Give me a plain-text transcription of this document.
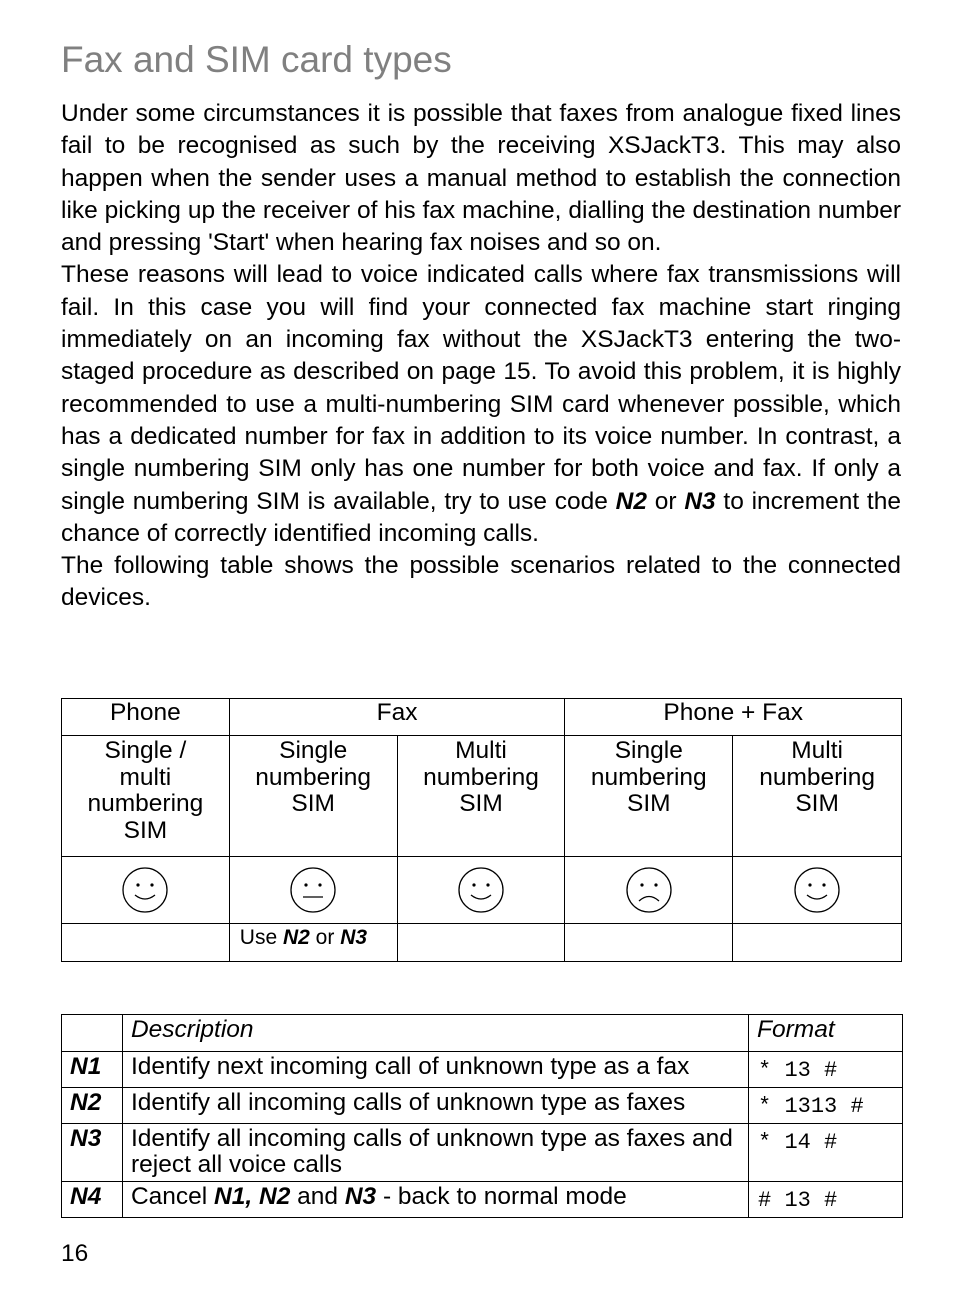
Fax and SIM card types

Under some circumstances it is possible that faxes from analogue fixed lines fail to be recognised as such by the receiving XSJackT3. This may also happen when the sender uses a manual method to establish the connection like picking up the receiver of his fax machine, dialling the destination number and pressing 'Start' when hearing fax noises and so on.

These reasons will lead to voice indicated calls where fax transmissions will fail. In this case you will find your connected fax machine start ringing immediately on an incoming fax without the XSJackT3 entering the two-staged procedure as described on page 15. To avoid this problem, it is highly recommended to use a multi-numbering SIM card whenever possible, which has a dedicated number for fax in addition to its voice number. In contrast, a single numbering SIM only has one number for both voice and fax. If only a single numbering SIM is available, try to use code N2 or N3 to increment the chance of correctly identified incoming calls.

The following table shows the possible scenarios related to the connected devices.

Phone	Fax		Phone + Fax	
Single / multi numbering SIM	Single numbering SIM	Multi numbering SIM	Single numbering SIM	Multi numbering SIM

	Use N2 or N3			
	Description	Format
N1	Identify next incoming call of unknown type as a fax	* 13 #
N2	Identify all incoming calls of unknown type as faxes	* 1313 #
N3	Identify all incoming calls of unknown type as faxes and reject all voice calls	* 14 #
N4	Cancel N1, N2 and N3 - back to normal mode	# 13 #
16
